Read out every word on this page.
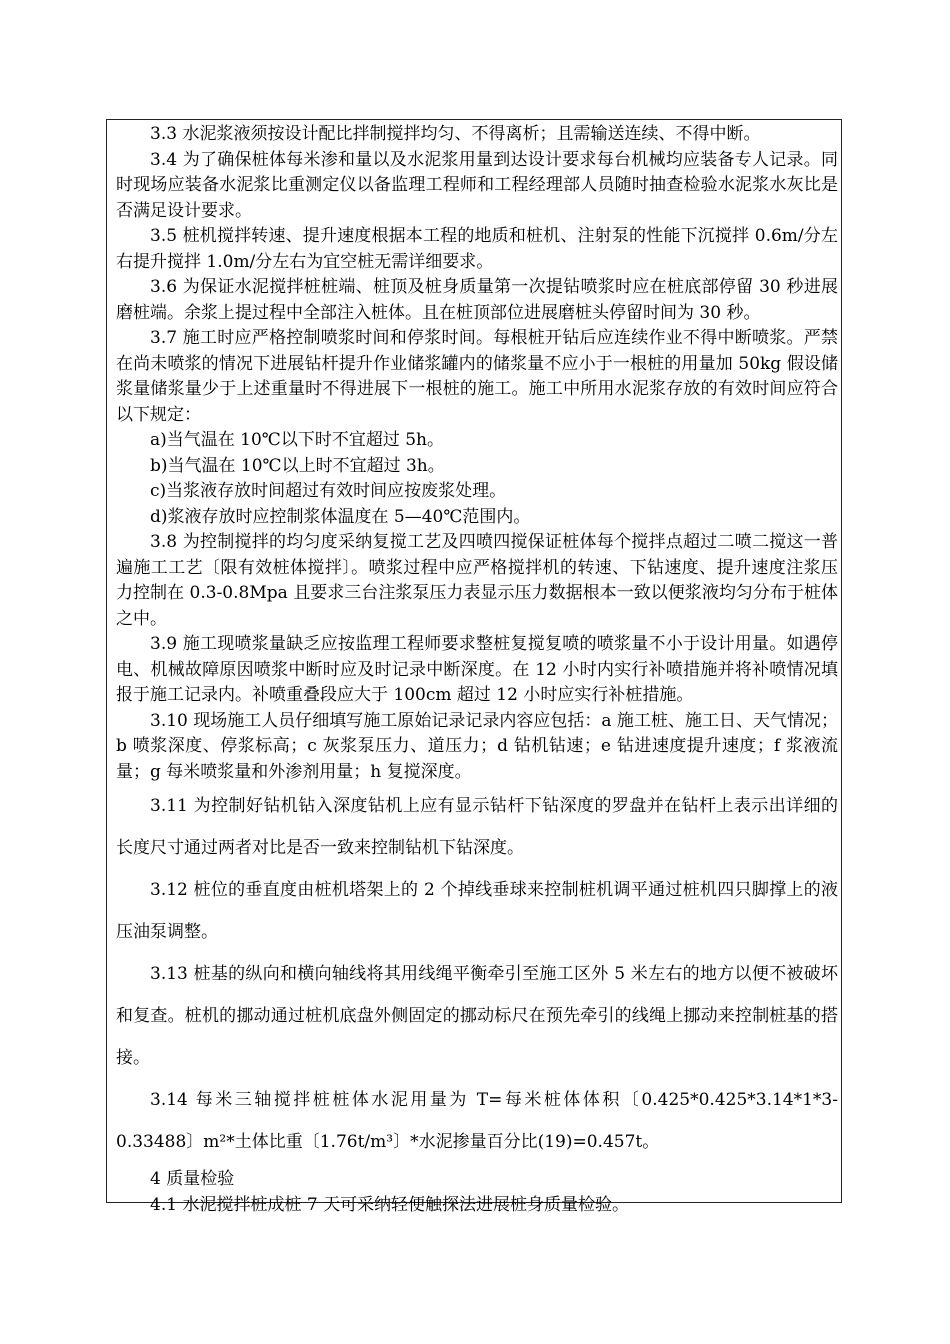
3.3 水泥浆液须按设计配比拌制搅拌均匀、不得离析；且需输送连续、不得中断。

3.4 为了确保桩体每米渗和量以及水泥浆用量到达设计要求每台机械均应装备专人记录。同时现场应装备水泥浆比重测定仪以备监理工程师和工程经理部人员随时抽查检验水泥浆水灰比是否满足设计要求。

3.5 桩机搅拌转速、提升速度根据本工程的地质和桩机、注射泵的性能下沉搅拌 0.6m/分左右提升搅拌 1.0m/分左右为宜空桩无需详细要求。

3.6 为保证水泥搅拌桩桩端、桩顶及桩身质量第一次提钻喷浆时应在桩底部停留 30 秒进展磨桩端。余浆上提过程中全部注入桩体。且在桩顶部位进展磨桩头停留时间为 30 秒。

3.7 施工时应严格控制喷浆时间和停浆时间。每根桩开钻后应连续作业不得中断喷浆。严禁在尚未喷浆的情况下进展钻杆提升作业储浆罐内的储浆量不应小于一根桩的用量加 50kg 假设储浆量储浆量少于上述重量时不得进展下一根桩的施工。施工中所用水泥浆存放的有效时间应符合以下规定：

a)当气温在 10℃以下时不宜超过 5h。

b)当气温在 10℃以上时不宜超过 3h。

c)当浆液存放时间超过有效时间应按废浆处理。

d)浆液存放时应控制浆体温度在 5—40℃范围内。

3.8 为控制搅拌的均匀度采纳复搅工艺及四喷四搅保证桩体每个搅拌点超过二喷二搅这一普遍施工工艺〔限有效桩体搅拌〕。喷浆过程中应严格搅拌机的转速、下钻速度、提升速度注浆压力控制在 0.3-0.8Mpa 且要求三台注浆泵压力表显示压力数据根本一致以便浆液均匀分布于桩体之中。

3.9 施工现喷浆量缺乏应按监理工程师要求整桩复搅复喷的喷浆量不小于设计用量。如遇停电、机械故障原因喷浆中断时应及时记录中断深度。在 12 小时内实行补喷措施并将补喷情况填报于施工记录内。补喷重叠段应大于 100cm 超过 12 小时应实行补桩措施。

3.10 现场施工人员仔细填写施工原始记录记录内容应包括：a 施工桩、施工日、天气情况；b 喷浆深度、停浆标高；c 灰浆泵压力、道压力；d 钻机钻速；e 钻进速度提升速度；f 浆液流量；g 每米喷浆量和外渗剂用量；h 复搅深度。

3.11 为控制好钻机钻入深度钻机上应有显示钻杆下钻深度的罗盘并在钻杆上表示出详细的长度尺寸通过两者对比是否一致来控制钻机下钻深度。

3.12 桩位的垂直度由桩机塔架上的 2 个掉线垂球来控制桩机调平通过桩机四只脚撑上的液压油泵调整。

3.13 桩基的纵向和横向轴线将其用线绳平衡牵引至施工区外 5 米左右的地方以便不被破坏和复查。桩机的挪动通过桩机底盘外侧固定的挪动标尺在预先牵引的线绳上挪动来控制桩基的搭接。

3.14 每米三轴搅拌桩桩体水泥用量为 T=每米桩体体积〔0.425*0.425*3.14*1*3-0.33488〕m²*土体比重〔1.76t/m³〕*水泥掺量百分比(19)=0.457t。

4 质量检验

4.1 水泥搅拌桩成桩 7 天可采纳轻便触探法进展桩身质量检验。
